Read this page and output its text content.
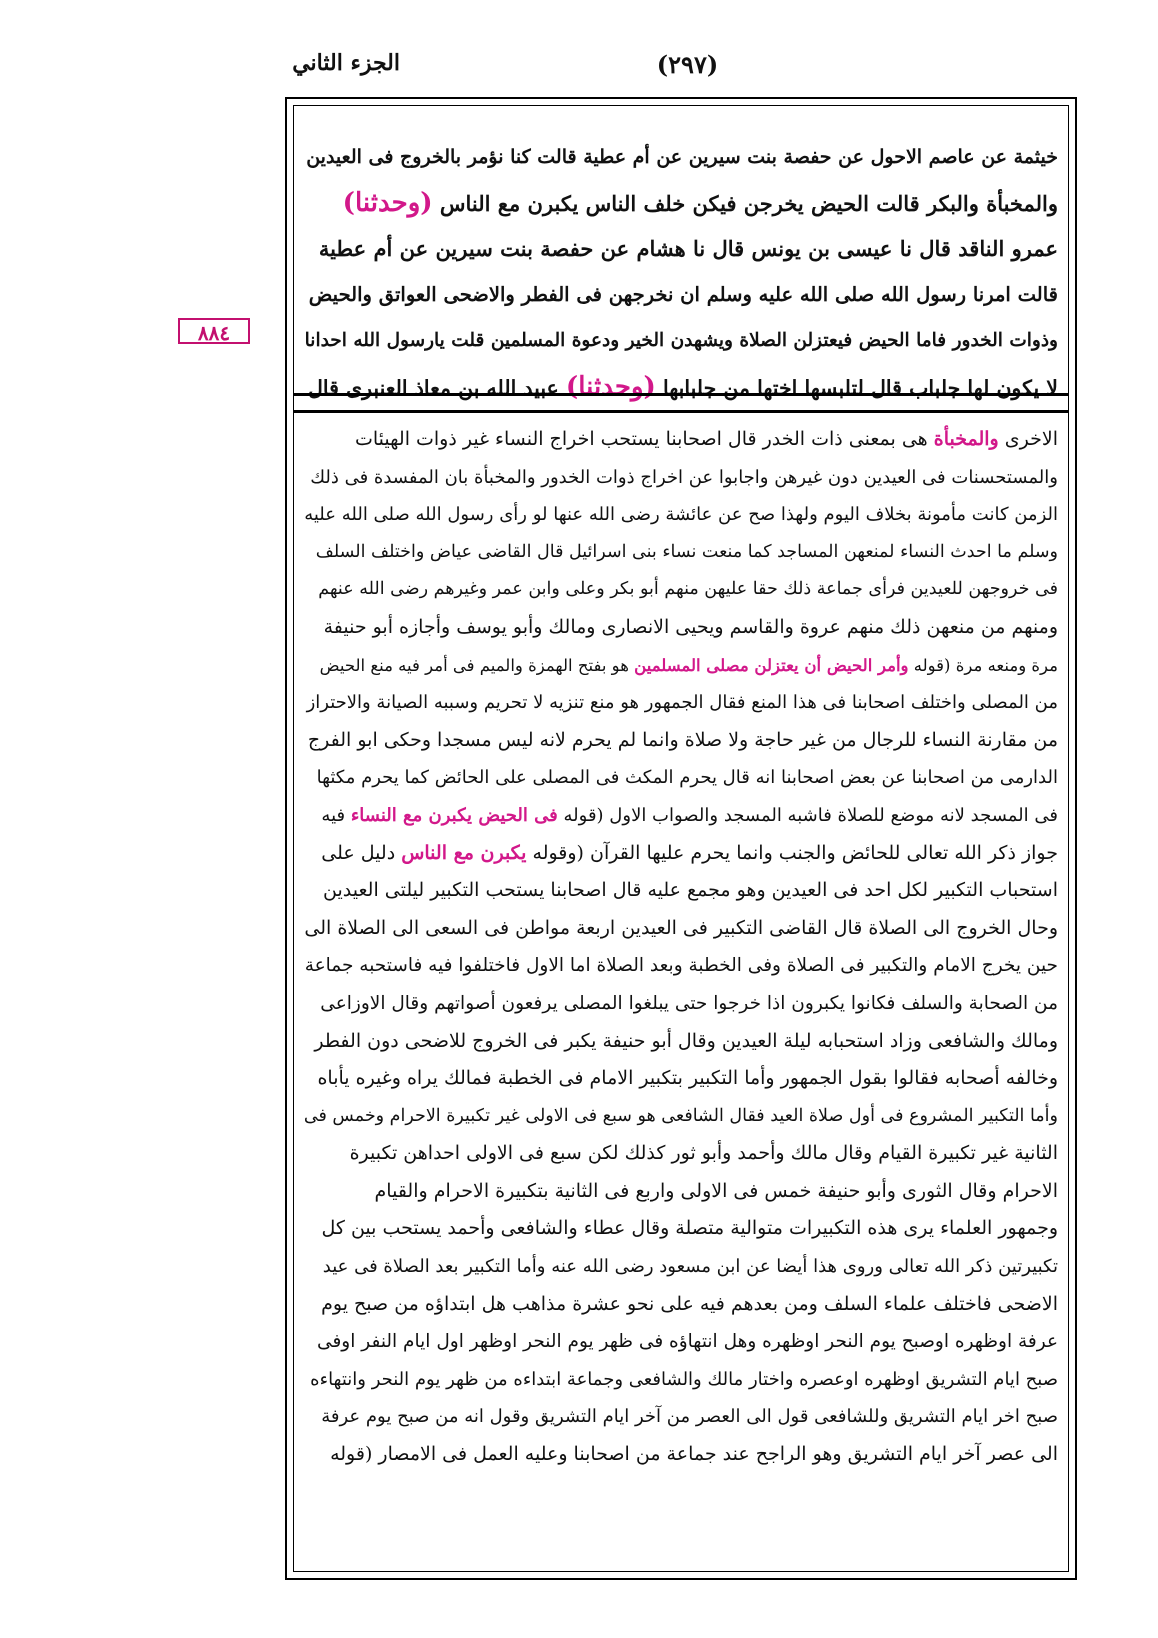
الجزء الثاني	(٢٩٧)
٨٨٤
خيثمة عن عاصم الاحول عن حفصة بنت سيرين عن أم عطية قالت كنا نؤمر بالخروج فى العيدين
والمخبأة والبكر قالت الحيض يخرجن فيكن خلف الناس يكبرن مع الناس (وحدثنا)
عمرو الناقد قال نا عيسى بن يونس قال نا هشام عن حفصة بنت سيرين عن أم عطية
قالت امرنا رسول الله صلى الله عليه وسلم ان نخرجهن فى الفطر والاضحى العواتق والحيض
وذوات الخدور فاما الحيض فيعتزلن الصلاة ويشهدن الخير ودعوة المسلمين قلت يارسول الله احدانا
لا يكون لها جلباب قال لتلبسها اختها من جلبابها (وحدثنا) عبيد الله بن معاذ العنبرى قال
الاخرى والمخبأة هى بمعنى ذات الخدر قال اصحابنا يستحب اخراج النساء غير ذوات الهيئات
والمستحسنات فى العيدين دون غيرهن واجابوا عن اخراج ذوات الخدور والمخبأة بان المفسدة فى ذلك
الزمن كانت مأمونة بخلاف اليوم ولهذا صح عن عائشة رضى الله عنها لو رأى رسول الله صلى الله عليه
وسلم ما احدث النساء لمنعهن المساجد كما منعت نساء بنى اسرائيل قال القاضى عياض واختلف السلف
فى خروجهن للعيدين فرأى جماعة ذلك حقا عليهن منهم أبو بكر وعلى وابن عمر وغيرهم رضى الله عنهم
ومنهم من منعهن ذلك منهم عروة والقاسم ويحيى الانصارى ومالك وأبو يوسف وأجازه أبو حنيفة
مرة ومنعه مرة (قوله وأمر الحيض أن يعتزلن مصلى المسلمين هو بفتح الهمزة والميم فى أمر فيه منع الحيض
من المصلى واختلف اصحابنا فى هذا المنع فقال الجمهور هو منع تنزيه لا تحريم وسببه الصيانة والاحتراز
من مقارنة النساء للرجال من غير حاجة ولا صلاة وانما لم يحرم لانه ليس مسجدا وحكى ابو الفرج
الدارمى من اصحابنا عن بعض اصحابنا انه قال يحرم المكث فى المصلى على الحائض كما يحرم مكثها
فى المسجد لانه موضع للصلاة فاشبه المسجد والصواب الاول (قوله فى الحيض يكبرن مع النساء فيه
جواز ذكر الله تعالى للحائض والجنب وانما يحرم عليها القرآن (وقوله يكبرن مع الناس دليل على
استحباب التكبير لكل احد فى العيدين وهو مجمع عليه قال اصحابنا يستحب التكبير ليلتى العيدين
وحال الخروج الى الصلاة قال القاضى التكبير فى العيدين اربعة مواطن فى السعى الى الصلاة الى
حين يخرج الامام والتكبير فى الصلاة وفى الخطبة وبعد الصلاة اما الاول فاختلفوا فيه فاستحبه جماعة
من الصحابة والسلف فكانوا يكبرون اذا خرجوا حتى يبلغوا المصلى يرفعون أصواتهم وقال الاوزاعى
ومالك والشافعى وزاد استحبابه ليلة العيدين وقال أبو حنيفة يكبر فى الخروج للاضحى دون الفطر
وخالفه أصحابه فقالوا بقول الجمهور وأما التكبير بتكبير الامام فى الخطبة فمالك يراه وغيره يأباه
وأما التكبير المشروع فى أول صلاة العيد فقال الشافعى هو سبع فى الاولى غير تكبيرة الاحرام وخمس فى
الثانية غير تكبيرة القيام وقال مالك وأحمد وأبو ثور كذلك لكن سبع فى الاولى احداهن تكبيرة
الاحرام وقال الثورى وأبو حنيفة خمس فى الاولى واربع فى الثانية بتكبيرة الاحرام والقيام
وجمهور العلماء يرى هذه التكبيرات متوالية متصلة وقال عطاء والشافعى وأحمد يستحب بين كل
تكبيرتين ذكر الله تعالى وروى هذا أيضا عن ابن مسعود رضى الله عنه وأما التكبير بعد الصلاة فى عيد
الاضحى فاختلف علماء السلف ومن بعدهم فيه على نحو عشرة مذاهب هل ابتداؤه من صبح يوم
عرفة اوظهره اوصبح يوم النحر اوظهره وهل انتهاؤه فى ظهر يوم النحر اوظهر اول ايام النفر اوفى
صبح ايام التشريق اوظهره اوعصره واختار مالك والشافعى وجماعة ابتداءه من ظهر يوم النحر وانتهاءه
صبح اخر ايام التشريق وللشافعى قول الى العصر من آخر ايام التشريق وقول انه من صبح يوم عرفة
الى عصر آخر ايام التشريق وهو الراجح عند جماعة من اصحابنا وعليه العمل فى الامصار (قوله
